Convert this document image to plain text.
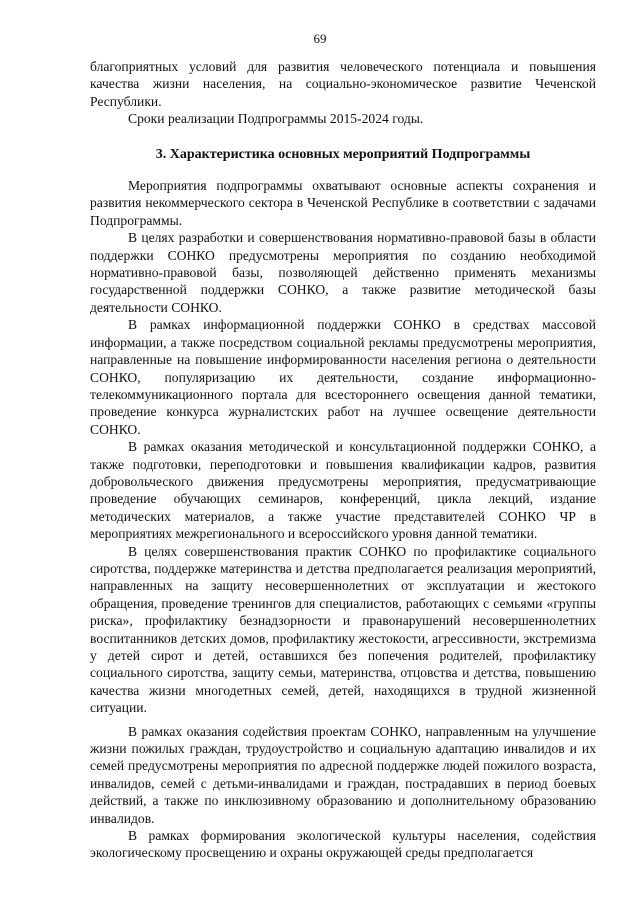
69

благоприятных условий для развития человеческого потенциала и повышения качества жизни населения, на социально-экономическое развитие Чеченской Республики.

Сроки реализации Подпрограммы 2015-2024 годы.

3. Характеристика основных мероприятий Подпрограммы

Мероприятия подпрограммы охватывают основные аспекты сохранения и развития некоммерческого сектора в Чеченской Республике в соответствии с задачами Подпрограммы.

В целях разработки и совершенствования нормативно-правовой базы в области поддержки СОНКО предусмотрены мероприятия по созданию необходимой нормативно-правовой базы, позволяющей действенно применять механизмы государственной поддержки СОНКО, а также развитие методической базы деятельности СОНКО.

В рамках информационной поддержки СОНКО в средствах массовой информации, а также посредством социальной рекламы предусмотрены мероприятия, направленные на повышение информированности населения региона о деятельности СОНКО, популяризацию их деятельности, создание информационно-телекоммуникационного портала для всестороннего освещения данной тематики, проведение конкурса журналистских работ на лучшее освещение деятельности СОНКО.

В рамках оказания методической и консультационной поддержки СОНКО, а также подготовки, переподготовки и повышения квалификации кадров, развития добровольческого движения предусмотрены мероприятия, предусматривающие проведение обучающих семинаров, конференций, цикла лекций, издание методических материалов, а также участие представителей СОНКО ЧР в мероприятиях межрегионального и всероссийского уровня данной тематики.

В целях совершенствования практик СОНКО по профилактике социального сиротства, поддержке материнства и детства предполагается реализация мероприятий, направленных на защиту несовершеннолетних от эксплуатации и жестокого обращения, проведение тренингов для специалистов, работающих с семьями «группы риска», профилактику безнадзорности и правонарушений несовершеннолетних воспитанников детских домов, профилактику жестокости, агрессивности, экстремизма у детей сирот и детей, оставшихся без попечения родителей, профилактику социального сиротства, защиту семьи, материнства, отцовства и детства, повышению качества жизни многодетных семей, детей, находящихся в трудной жизненной ситуации.

В рамках оказания содействия проектам СОНКО, направленным на улучшение жизни пожилых граждан, трудоустройство и социальную адаптацию инвалидов и их семей предусмотрены мероприятия по адресной поддержке людей пожилого возраста, инвалидов, семей с детьми-инвалидами и граждан, пострадавших в период боевых действий, а также по инклюзивному образованию и дополнительному образованию инвалидов.

В рамках формирования экологической культуры населения, содействия экологическому просвещению и охраны окружающей среды предполагается
